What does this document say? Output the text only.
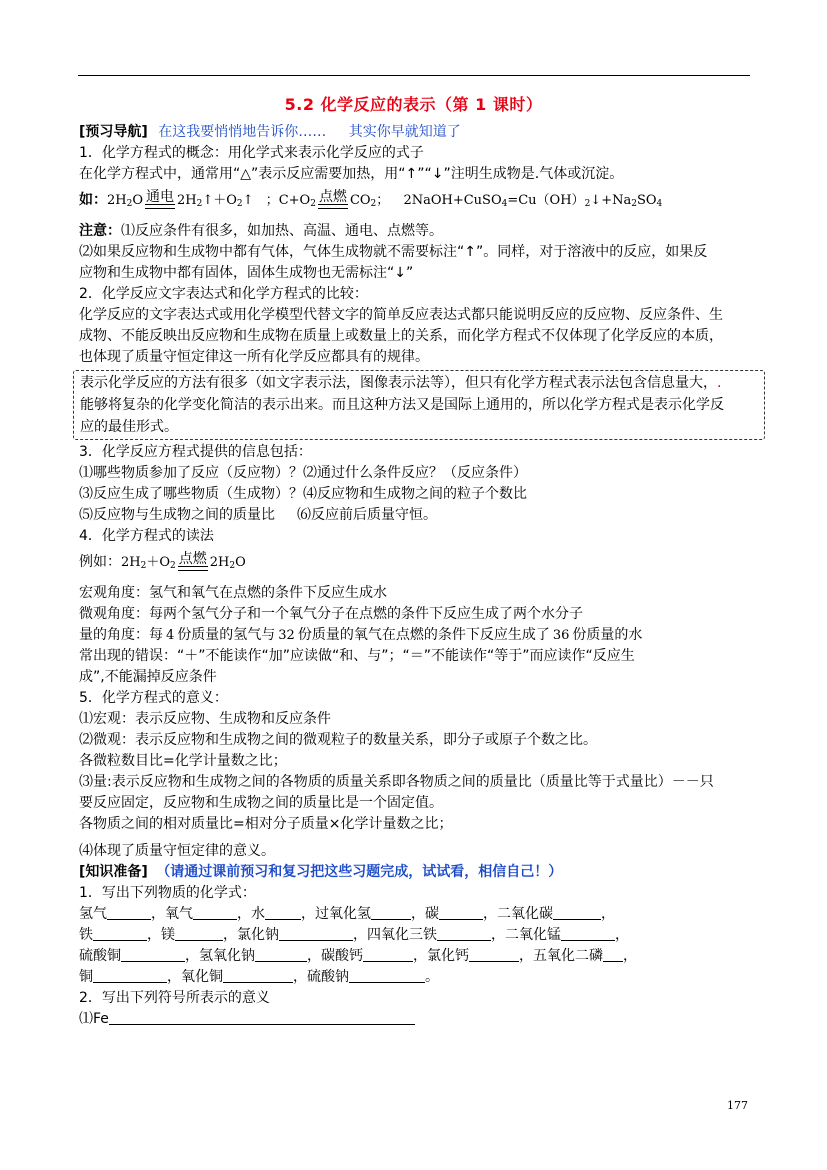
5.2 化学反应的表示（第 1 课时）
[预习导航] 在这我要悄悄地告诉你…… 其实你早就知道了
1．化学方程式的概念：用化学式来表示化学反应的式子
在化学方程式中，通常用“△”表示反应需要加热，用“↑”“↓”注明生成物是.气体或沉淀。
如：$2H_2O$ 通电 $2H_2↑+O_2↑$ ；$C+O_2$ 点燃 $CO_2$； $2NaOH+CuSO_4=Cu(OH)_2↓+Na_2SO_4$
注意：⑴反应条件有很多，如加热、高温、通电、点燃等。
⑵如果反应物和生成物中都有气体，气体生成物就不需要标注“↑”。同样，对于溶液中的反应，如果反
应物和生成物中都有固体，固体生成物也无需标注“↓”
2．化学反应文字表达式和化学方程式的比较：
化学反应的文字表达式或用化学模型代替文字的简单反应表达式都只能说明反应的反应物、反应条件、生
成物、不能反映出反应物和生成物在质量上或数量上的关系，而化学方程式不仅体现了化学反应的本质，
也体现了质量守恒定律这一所有化学反应都具有的规律。
表示化学反应的方法有很多（如文字表示法，图像表示法等），但只有化学方程式表示法包含信息量大，.
能够将复杂的化学变化简洁的表示出来。而且这种方法又是国际上通用的，所以化学方程式是表示化学反
应的最佳形式。
3．化学反应方程式提供的信息包括：
⑴哪些物质参加了反应（反应物）？⑵通过什么条件反应？（反应条件）
⑶反应生成了哪些物质（生成物）？⑷反应物和生成物之间的粒子个数比
⑸反应物与生成物之间的质量比 ⑹反应前后质量守恒。
4．化学方程式的读法
例如：$2H_2+O_2$ 点燃 $2H_2O$
宏观角度：氢气和氧气在点燃的条件下反应生成水
微观角度：每两个氢气分子和一个氧气分子在点燃的条件下反应生成了两个水分子
量的角度：每 4 份质量的氢气与 32 份质量的氧气在点燃的条件下反应生成了 36 份质量的水
常出现的错误：“＋”不能读作“加”应读做“和、与”；“＝”不能读作“等于”而应读作“反应生
成”,不能漏掉反应条件
5．化学方程式的意义：
⑴宏观：表示反应物、生成物和反应条件
⑵微观：表示反应物和生成物之间的微观粒子的数量关系，即分子或原子个数之比。
各微粒数目比=化学计量数之比；
⑶量:表示反应物和生成物之间的各物质的质量关系即各物质之间的质量比（质量比等于式量比）－－只
要反应固定，反应物和生成物之间的质量比是一个固定值。
各物质之间的相对质量比=相对分子质量×化学计量数之比；
⑷体现了质量守恒定律的意义。
[知识准备] （请通过课前预习和复习把这些习题完成，试试看，相信自己！）
1．写出下列物质的化学式：
氢气	，氧气	，水	，过氧化氢	，碳	，二氧化碳	，
铁	，镁	，氯化钠	，四氧化三铁	，二氧化锰	，
硫酸铜	，氢氧化钠	，碳酸钙	，氯化钙	，五氧化二磷 ，
铜	，氧化铜	，硫酸钠	。
2．写出下列符号所表示的意义
⑴Fe
177
